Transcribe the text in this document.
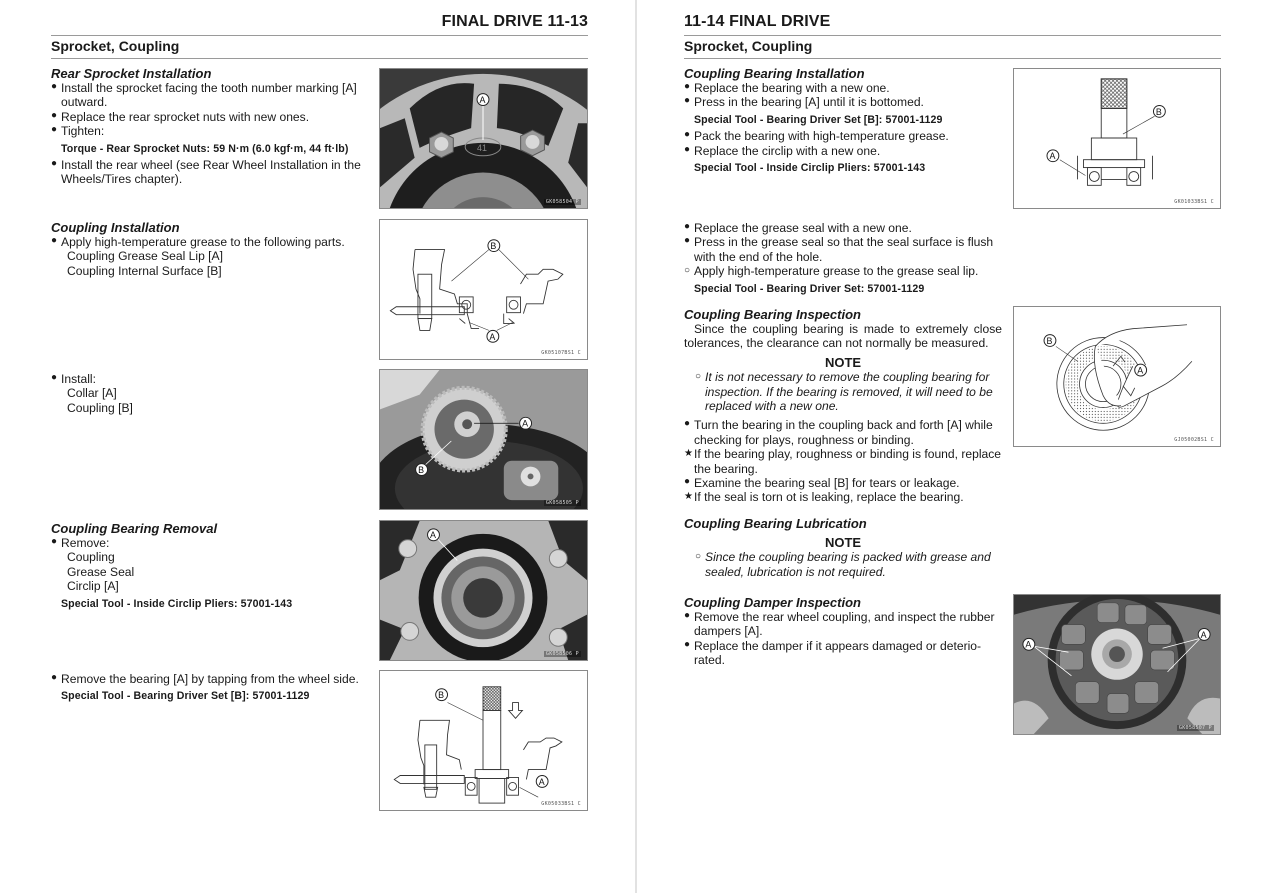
FINAL DRIVE 11-13
Sprocket, Coupling
Rear Sprocket Installation
● Install the sprocket facing the tooth number marking [A] outward.
● Replace the rear sprocket nuts with new ones.
● Tighten:
Torque - Rear Sprocket Nuts: 59 N·m (6.0 kgf·m, 44 ft·lb)
● Install the rear wheel (see Rear Wheel Installation in the Wheels/Tires chapter).
41
A
GK058504 P
Coupling Installation
● Apply high-temperature grease to the following parts.
Coupling Grease Seal Lip [A]
Coupling Internal Surface [B]
B
A
GK05107BS1 C
● Install:
Collar [A]
Coupling [B]
A
B
GK058505 P
Coupling Bearing Removal
● Remove:
Coupling
Grease Seal
Circlip [A]
Special Tool - Inside Circlip Pliers: 57001-143
A
GK058506 P
● Remove the bearing [A] by tapping from the wheel side.
Special Tool - Bearing Driver Set [B]: 57001-1129	B
A
GK05033BS1 C
11-14 FINAL DRIVE
Sprocket, Coupling
Coupling Bearing Installation
● Replace the bearing with a new one.
● Press in the bearing [A] until it is bottomed.
Special Tool - Bearing Driver Set [B]: 57001-1129
● Pack the bearing with high-temperature grease.
● Replace the circlip with a new one.
Special Tool - Inside Circlip Pliers: 57001-143
B
A
GK01033BS1 C
● Replace the grease seal with a new one.
● Press in the grease seal so that the seal surface is flush with the end of the hole.
○ Apply high-temperature grease to the grease seal lip.
Special Tool - Bearing Driver Set: 57001-1129
Coupling Bearing Inspection
Since the coupling bearing is made to extremely close tolerances, the clearance can not normally be measured.
NOTE
○ It is not necessary to remove the coupling bearing for inspection. If the bearing is removed, it will need to be replaced with a new one.
● Turn the bearing in the coupling back and forth [A] while checking for plays, roughness or binding.
★ If the bearing play, roughness or binding is found, replace the bearing.
● Examine the bearing seal [B] for tears or leakage.
★ If the seal is torn ot is leaking, replace the bearing.
B
A
GJ05002BS1 C
Coupling Bearing Lubrication
NOTE
○ Since the coupling bearing is packed with grease and sealed, lubrication is not required.
Coupling Damper Inspection
● Remove the rear wheel coupling, and inspect the rubber dampers [A].
● Replace the damper if it appears damaged or deterio-rated.
A
A
GK058507 P
